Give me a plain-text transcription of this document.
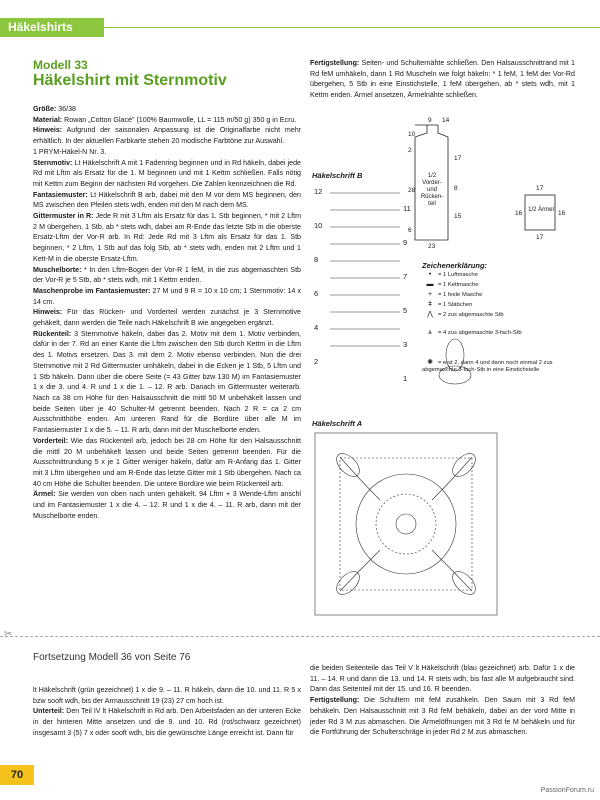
Häkelshirts
Modell 33
Häkelshirt mit Sternmotiv

Größe: 36/38

Material: Rowan „Cotton Glacé" (100% Baumwolle, LL = 115 m/50 g) 350 g in Ecru.

Hinweis: Aufgrund der saisonalen Anpassung ist die Originalfarbe nicht mehr erhältlich. In der aktuellen Farbkarte stehen 20 modische Farbtöne zur Auswahl.

1 PRYM-Häkel-N Nr. 3.

Sternmotiv: Lt Häkelschrift A mit 1 Fadenring beginnen und in Rd häkeln, dabei jede Rd mit Lftm als Ersatz für die 1. M beginnen und mit 1 Kettm schließen. Falls nötig mit Kettm zum Beginn der nächsten Rd vorgehen. Die Zahlen kennzeichnen die Rd.

Fantasiemuster: Lt Häkelschrift B arb, dabei mit den M vor dem MS beginnen, den MS zwischen den Pfeilen stets wdh, enden mit den M nach dem MS.

Gittermuster in R: Jede R mit 3 Lftm als Ersatz für das 1. Stb beginnen, * mit 2 Lftm 2 M übergehen, 1 Stb, ab * stets wdh, dabei am R-Ende das letzte Stb in die oberste Ersatz-Lftm der Vor-R arb. In Rd: Jede Rd mit 3 Lftm als Ersatz für das 1. Stb beginnen, * 2 Lftm, 1 Stb auf das folg Stb, ab * stets wdh, enden mit 2 Lftm und 1 Kett-M in die oberste Ersatz-Lftm.

Muschelborte: * In den Lftm-Bogen der Vor-R 1 feM, in die zus abgemaschten Stb der Vor-R je 5 Stb, ab * stets wdh, mit 1 Kettm enden.

Maschenprobe im Fantasiemuster: 27 M und 9 R = 10 x 10 cm; 1 Sternmotiv: 14 x 14 cm.

Hinweis: Für das Rücken- und Vorderteil werden zunächst je 3 Sternmotive gehäkelt, dann werden die Teile nach Häkelschrift B wie angegeben ergänzt.

Rückenteil: 3 Sternmotive häkeln, dabei das 2. Motiv mit dem 1. Motiv verbinden, dafür in der 7. Rd an einer Kante die Lftm zwischen den Stb durch Kettm in die Lftm des 1. Motivs ersetzen. Das 3. mit dem 2. Motiv ebenso verbinden. Nun die drei Sternmotive mit 2 Rd Gittermuster umhäkeln, dabei in die Ecken je 1 Stb, 5 Lftm und 1 Stb häkeln. Dann über die obere Seite (= 43 Gitter bzw 130 M) im Fantasiemuster 1 x die 3. und 4. R und 1 x die 1. – 12. R arb. Danach im Gittermuster weiterarb. Nach ca 38 cm Höhe für den Halsausschnitt die mittl 50 M unbehäkelt lassen und beide Seiten über je 40 Schulter-M getrennt beenden. Nach 2 R = ca 2 cm Ausschnitthöhe enden. Am unteren Rand für die Bordüre über alle M im Fantasiemuster 1 x die 5. – 11. R arb, dann mit der Muschelborte enden.

Vorderteil: Wie das Rückenteil arb, jedoch bei 28 cm Höhe für den Halsausschnitt die mittl 20 M unbehäkelt lassen und beide Seiten getrennt beenden. Für die Ausschnittrundung 5 x je 1 Gitter weniger häkeln, dafür am R-Anfang das 1. Gitter mit 3 Lftm übergehen und am R-Ende das letzte Gitter mit 1 Stb übergehen. Nach ca 40 cm Höhe die Schulter beenden. Die untere Bordüre wie beim Rückenteil arb.

Ärmel: Sie werden von oben nach unten gehäkelt. 94 Lftm + 3 Wende-Lftm anschl und im Fantasiemuster 1 x die 4. – 12. R und 1 x die 4. – 11. R arb, dann mit der Muschelborte enden.

Fertigstellung: Seiten- und Schulternähte schließen. Den Halsausschnittrand mit 1 Rd feM umhäkeln, dann 1 Rd Muscheln wie folgt häkeln: * 1 feM, 1 feM der Vor-Rd übergehen, 5 Stb in eine Einstichstelle, 1 feM übergehen, ab * stets wdh, mit 1 Kettm enden. Ärmel ansetzen, Ärmelnähte schließen.

Häkelschrift B
Häkelschrift A
12
10
8
6
4
2
11
9
7
5
3
1
1/2 Vorder- und Rücken- teil
1/2 Ärmel
9 14
10
2
17
28	8
15
6
23
17
16	16
17
Zeichenerklärung:
• = 1 Luftmasche
▬ = 1 Kettmasche
+ = 1 feste Masche
ǂ = 1 Stäbchen
⋀ = 2 zus abgemaschte Stb
⩓ = 4 zus abgemaschte 3-fach-Stb
✺ = erst 2, dann 4 und dann noch einmal 2 zus abgemaschte 3-fach-Stb in eine Einstichstelle
✂
Fortsetzung Modell 36 von Seite 76

lt Häkelschrift (grün gezeichnet) 1 x die 9. – 11. R häkeln, dann die 10. und 11. R 5 x bzw sooft wdh, bis der Armausschnitt 19 (23) 27 cm hoch ist.

Unterteil: Den Teil IV lt Häkelschrift in Rd arb. Den Arbeitsfaden an der unteren Ecke in der hinteren Mitte ansetzen und die 9. und 10. Rd (rot/schwarz gezeichnet) insgesamt 3 (5) 7 x oder sooft wdh, bis die gewünschte Länge erreicht ist. Dann für

die beiden Seitenteile das Teil V lt Häkelschrift (blau gezeichnet) arb. Dafür 1 x die 11. – 14. R und dann die 13. und 14. R stets wdh, bis fast alle M aufgebraucht sind. Dann das Seitenteil mit der 15. und 16. R beenden.

Fertigstellung: Die Schultern mit feM zusähkeln. Den Saum mit 3 Rd feM behäkeln. Den Halsausschnitt mit 3 Rd feM behäkeln, dabei an der vord Mitte in jeder Rd 3 M zus abmaschen. Die Ärmelöffnungen mit 3 Rd fe M behäkeln und für die Fortführung der Schulterschräge in jeder Rd 2 M zus abmaschen.

70
PassionForum.ru
